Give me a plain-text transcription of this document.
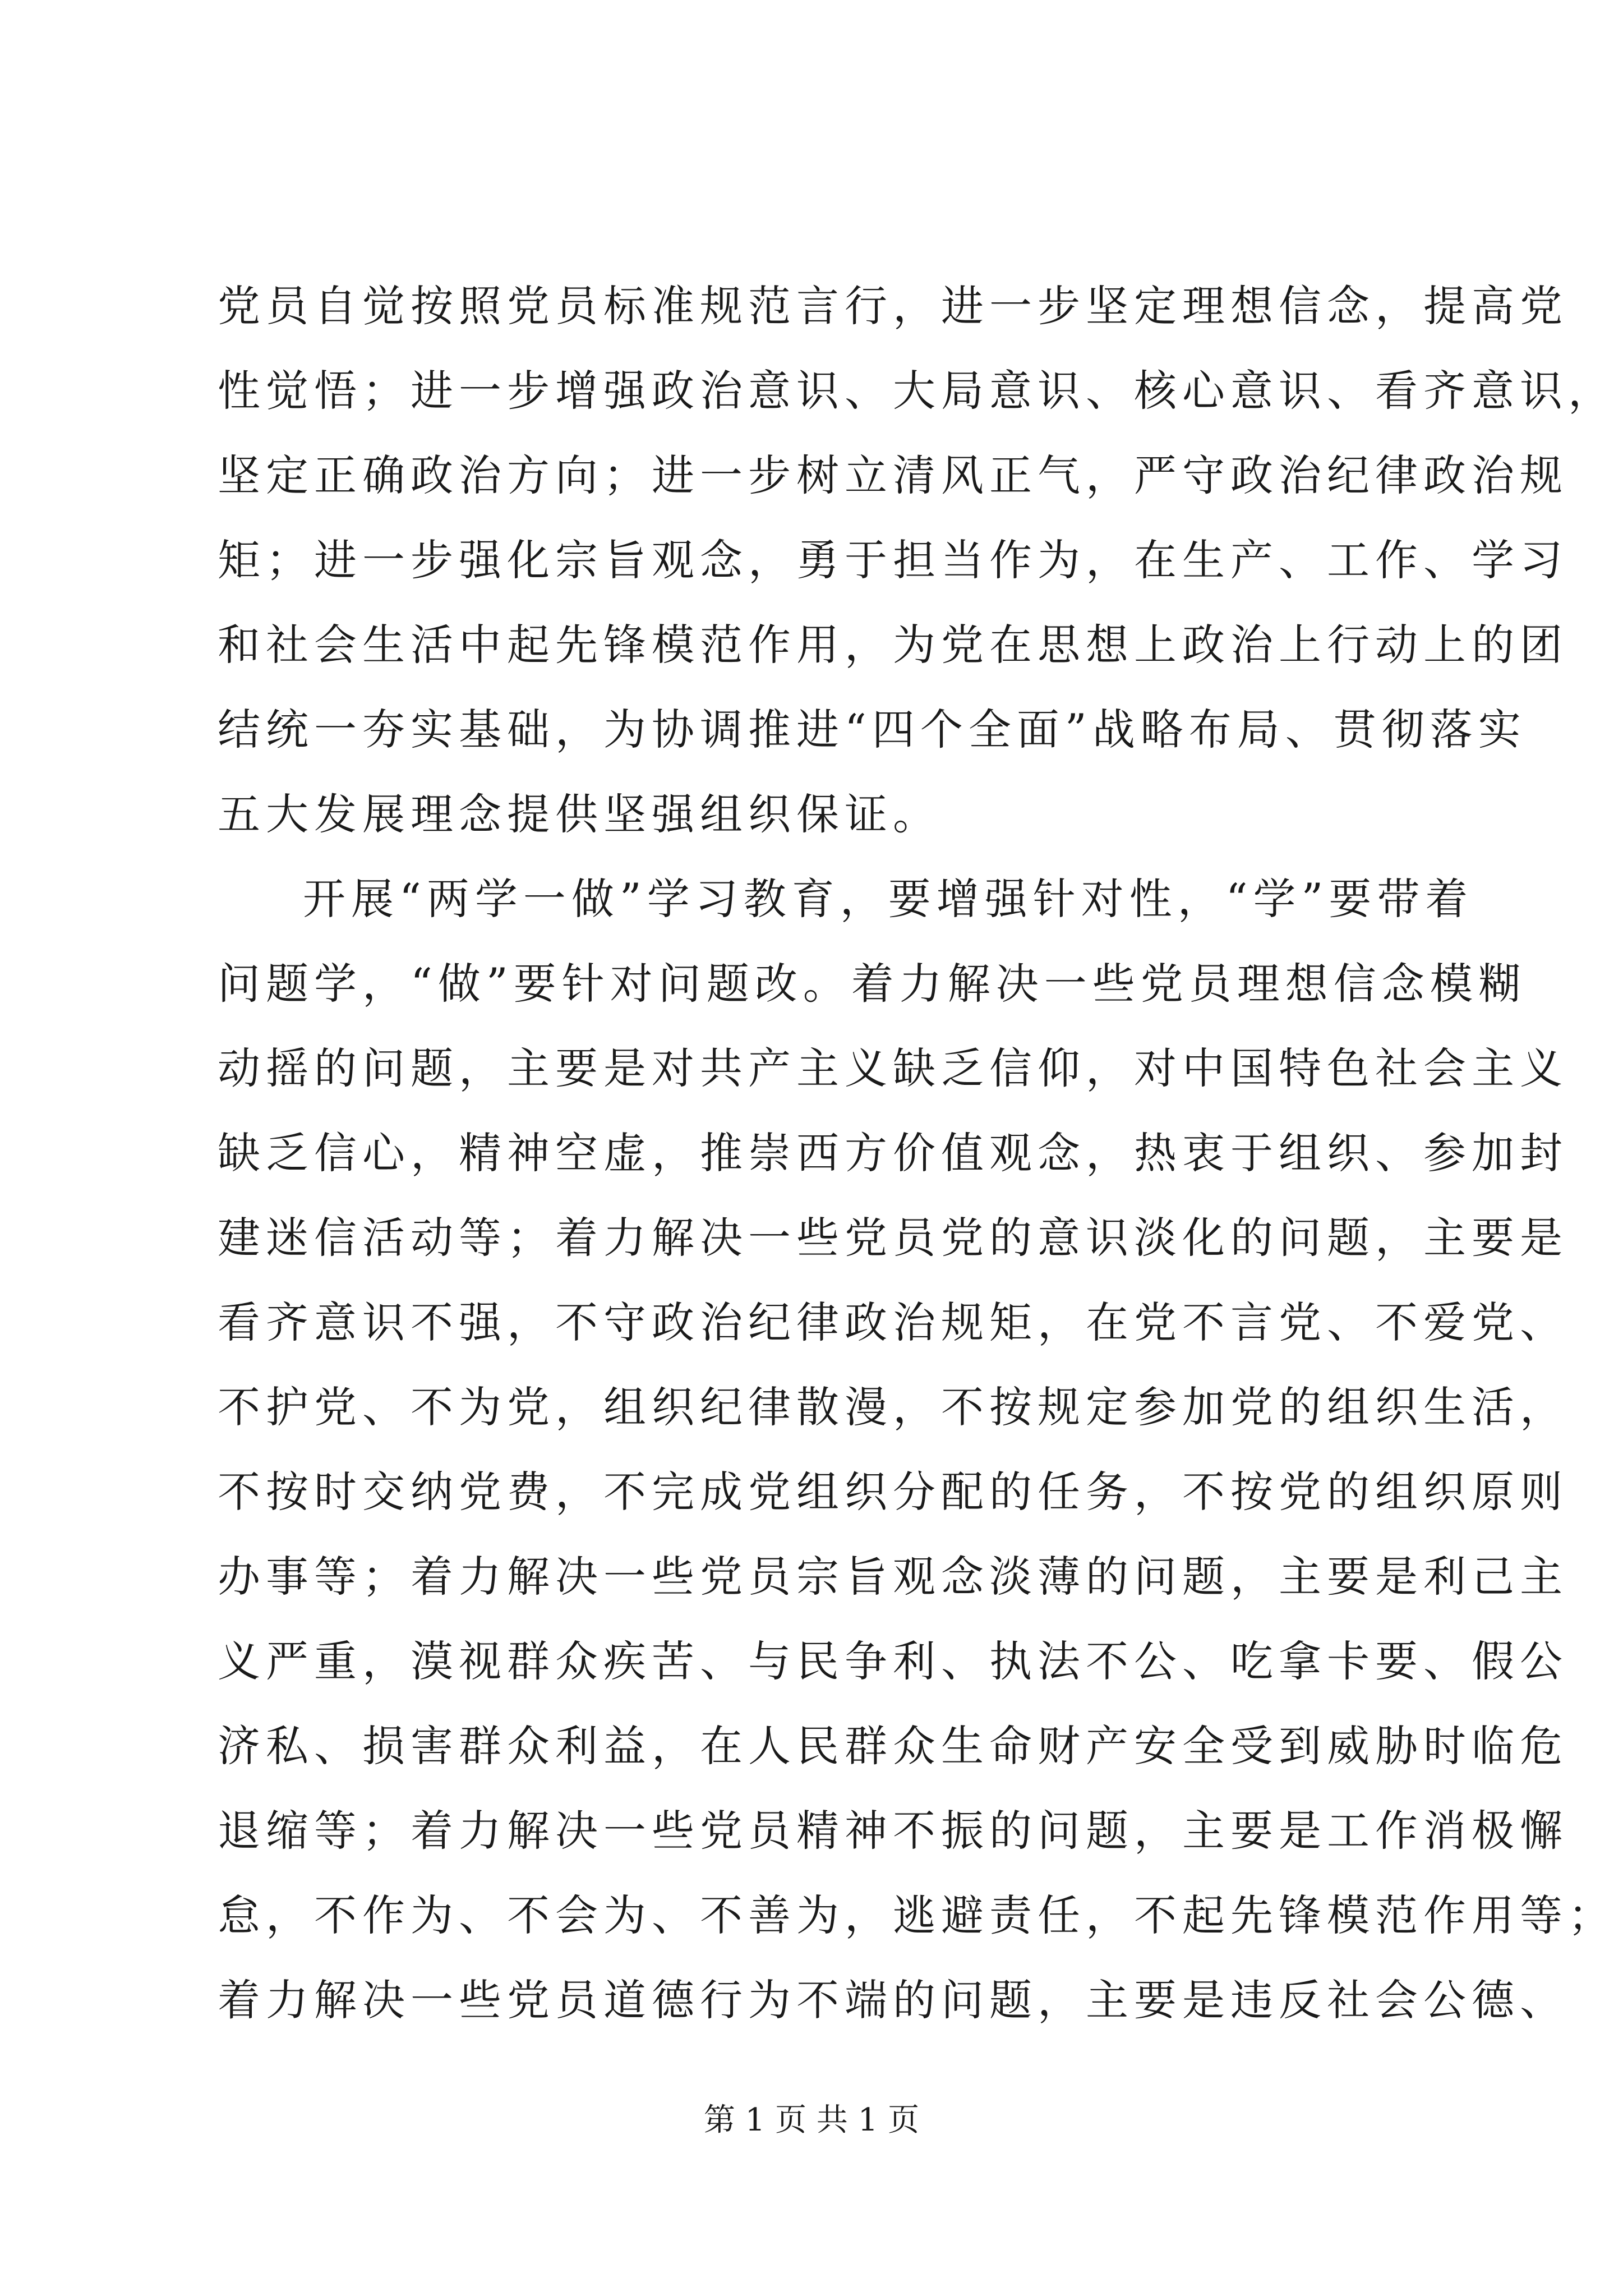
党员自觉按照党员标准规范言行，进一步坚定理想信念，提高党
性觉悟；进一步增强政治意识、大局意识、核心意识、看齐意识，
坚定正确政治方向；进一步树立清风正气，严守政治纪律政治规
矩；进一步强化宗旨观念，勇于担当作为，在生产、工作、学习
和社会生活中起先锋模范作用，为党在思想上政治上行动上的团
结统一夯实基础，为协调推进“四个全面”战略布局、贯彻落实
五大发展理念提供坚强组织保证。
开展“两学一做”学习教育，要增强针对性，“学”要带着
问题学，“做”要针对问题改。着力解决一些党员理想信念模糊
动摇的问题，主要是对共产主义缺乏信仰，对中国特色社会主义
缺乏信心，精神空虚，推崇西方价值观念，热衷于组织、参加封
建迷信活动等；着力解决一些党员党的意识淡化的问题，主要是
看齐意识不强，不守政治纪律政治规矩，在党不言党、不爱党、
不护党、不为党，组织纪律散漫，不按规定参加党的组织生活，
不按时交纳党费，不完成党组织分配的任务，不按党的组织原则
办事等；着力解决一些党员宗旨观念淡薄的问题，主要是利己主
义严重，漠视群众疾苦、与民争利、执法不公、吃拿卡要、假公
济私、损害群众利益，在人民群众生命财产安全受到威胁时临危
退缩等；着力解决一些党员精神不振的问题，主要是工作消极懈
怠，不作为、不会为、不善为，逃避责任，不起先锋模范作用等；
着力解决一些党员道德行为不端的问题，主要是违反社会公德、
第 1 页 共 1 页
